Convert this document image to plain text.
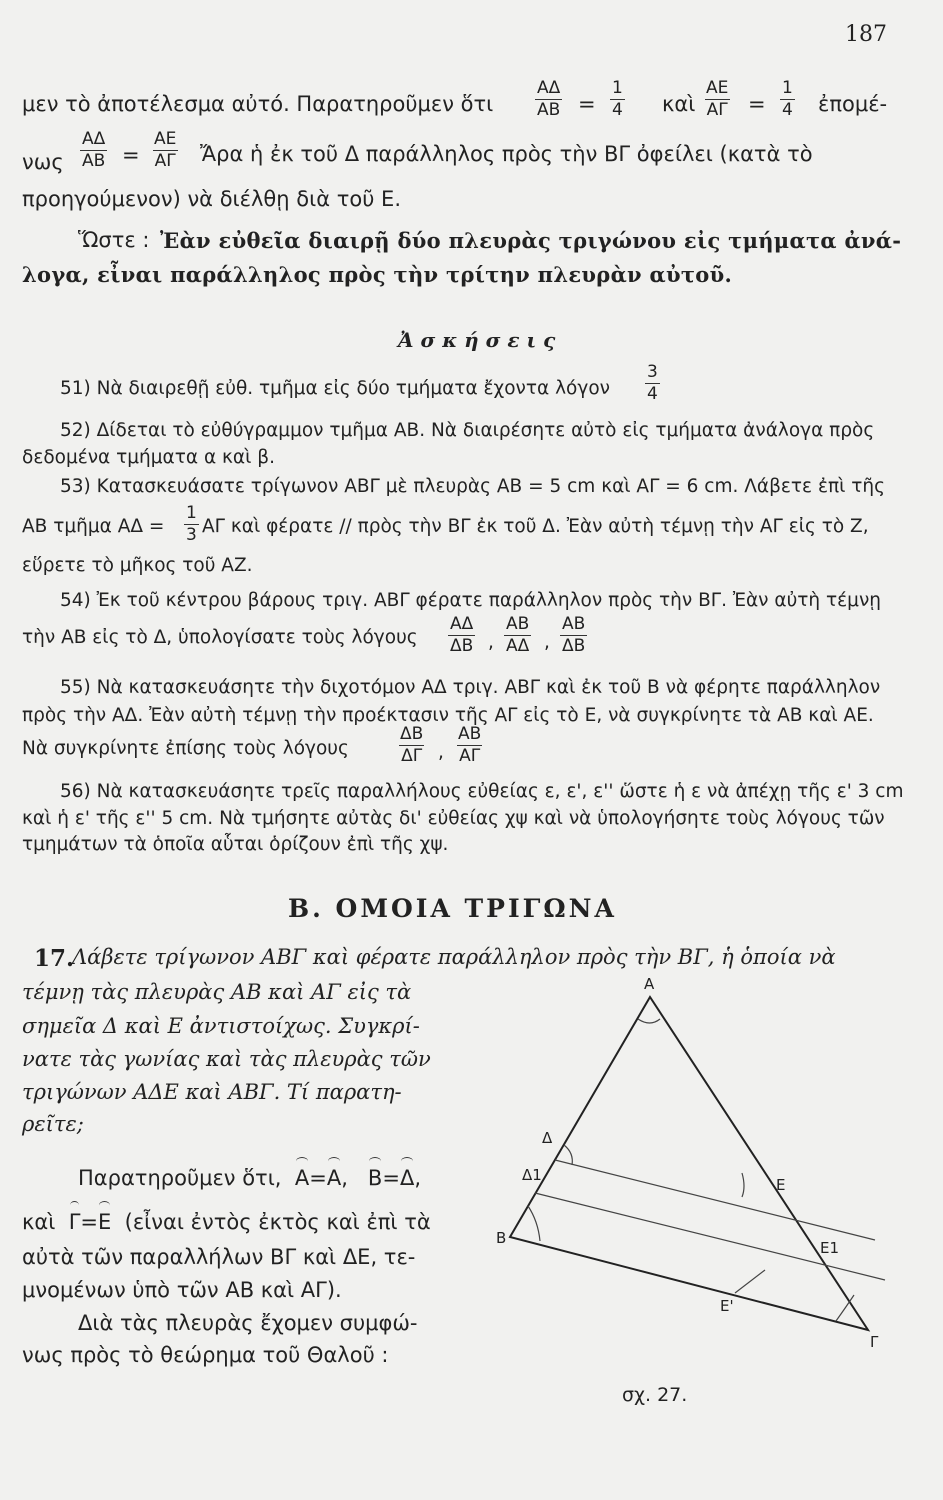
187
μεν τὸ ἀποτέλεσμα αὐτό. Παρατηροῦμεν ὅτι $\frac{A\Delta}{AB} = \frac{1}{4}$ καὶ $\frac{AE}{A\Gamma} = \frac{1}{4}$ ἐπομέ-
νως $\frac{A\Delta}{AB} = \frac{AE}{A\Gamma}$ Ἄρα ἡ ἐκ τοῦ Δ παράλληλος πρὸς τὴν ΒΓ ὀφείλει (κατὰ τὸ
προηγούμενον) νὰ διέλθῃ διὰ τοῦ Ε.
Ὥστε : Ἐὰν εὐθεῖα διαιρῇ δύο πλευρὰς τριγώνου εἰς τμήματα ἀνά-
λογα, εἶναι παράλληλος πρὸς τὴν τρίτην πλευρὰν αὐτοῦ.
Ἀ σ κ ή σ ε ι ς
51) Νὰ διαιρεθῇ εὐθ. τμῆμα εἰς δύο τμήματα ἔχοντα λόγον $\frac{3}{4}$
52) Δίδεται τὸ εὐθύγραμμον τμῆμα ΑΒ. Νὰ διαιρέσητε αὐτὸ εἰς τμήματα ἀνάλογα πρὸς
δεδομένα τμήματα α καὶ β.
53) Κατασκευάσατε τρίγωνον ΑΒΓ μὲ πλευρὰς ΑΒ = 5 cm καὶ ΑΓ = 6 cm. Λάβετε ἐπὶ τῆς
ΑΒ τμῆμα $A\Delta = \frac{1}{3}$ ΑΓ καὶ φέρατε // πρὸς τὴν ΒΓ ἐκ τοῦ Δ. Ἐὰν αὐτὴ τέμνῃ τὴν ΑΓ εἰς τὸ Ζ,
εὕρετε τὸ μῆκος τοῦ ΑΖ.
54) Ἐκ τοῦ κέντρου βάρους τριγ. ΑΒΓ φέρατε παράλληλον πρὸς τὴν ΒΓ. Ἐὰν αὐτὴ τέμνῃ
τὴν ΑΒ εἰς τὸ Δ, ὑπολογίσατε τοὺς λόγους $\frac{A\Delta}{\Delta B}$ , $\frac{AB}{A\Delta}$ , $\frac{AB}{\Delta B}$
55) Νὰ κατασκευάσητε τὴν διχοτόμον ΑΔ τριγ. ΑΒΓ καὶ ἐκ τοῦ Β νὰ φέρητε παράλληλον
πρὸς τὴν ΑΔ. Ἐὰν αὐτὴ τέμνῃ τὴν προέκτασιν τῆς ΑΓ εἰς τὸ Ε, νὰ συγκρίνητε τὰ ΑΒ καὶ ΑΕ.
Νὰ συγκρίνητε ἐπίσης τοὺς λόγους	$\frac{\Delta B}{\Delta\Gamma}$ , $\frac{AB}{A\Gamma}$
56) Νὰ κατασκευάσητε τρεῖς παραλλήλους εὐθείας ε, ε', ε'' ὥστε ἡ ε νὰ ἀπέχῃ τῆς ε' 3 cm
καὶ ἡ ε' τῆς ε'' 5 cm. Νὰ τμήσητε αὐτὰς δι' εὐθείας χψ καὶ νὰ ὑπολογήσητε τοὺς λόγους τῶν
τμημάτων τὰ ὁποῖα αὗται ὁρίζουν ἐπὶ τῆς χψ.
Β. ΟΜΟΙΑ ΤΡΙΓΩΝΑ
17.
Λάβετε τρίγωνον ΑΒΓ καὶ φέρατε παράλληλον πρὸς τὴν ΒΓ, ἡ ὁποία νὰ
τέμνῃ τὰς πλευρὰς ΑΒ καὶ ΑΓ εἰς τὰ
σημεῖα Δ καὶ Ε ἀντιστοίχως. Συγκρί-
νατε τὰς γωνίας καὶ τὰς πλευρὰς τῶν
τριγώνων ΑΔΕ καὶ ΑΒΓ. Τί παρατη-
ρεῖτε;
Παρατηροῦμεν ὅτι, Α=Α, Β=Δ,
καὶ Γ=Ε (εἶναι ἐντὸς ἐκτὸς καὶ ἐπὶ τὰ
αὐτὰ τῶν παραλλήλων ΒΓ καὶ ΔΕ, τε-
μνομένων ὑπὸ τῶν ΑΒ καὶ ΑΓ).
Διὰ τὰς πλευρὰς ἔχομεν συμφώ-
νως πρὸς τὸ θεώρημα τοῦ Θαλοῦ :
Α
Β
Γ
Δ
Δ1
Ε
Ε1
Ε'
σχ. 27.
